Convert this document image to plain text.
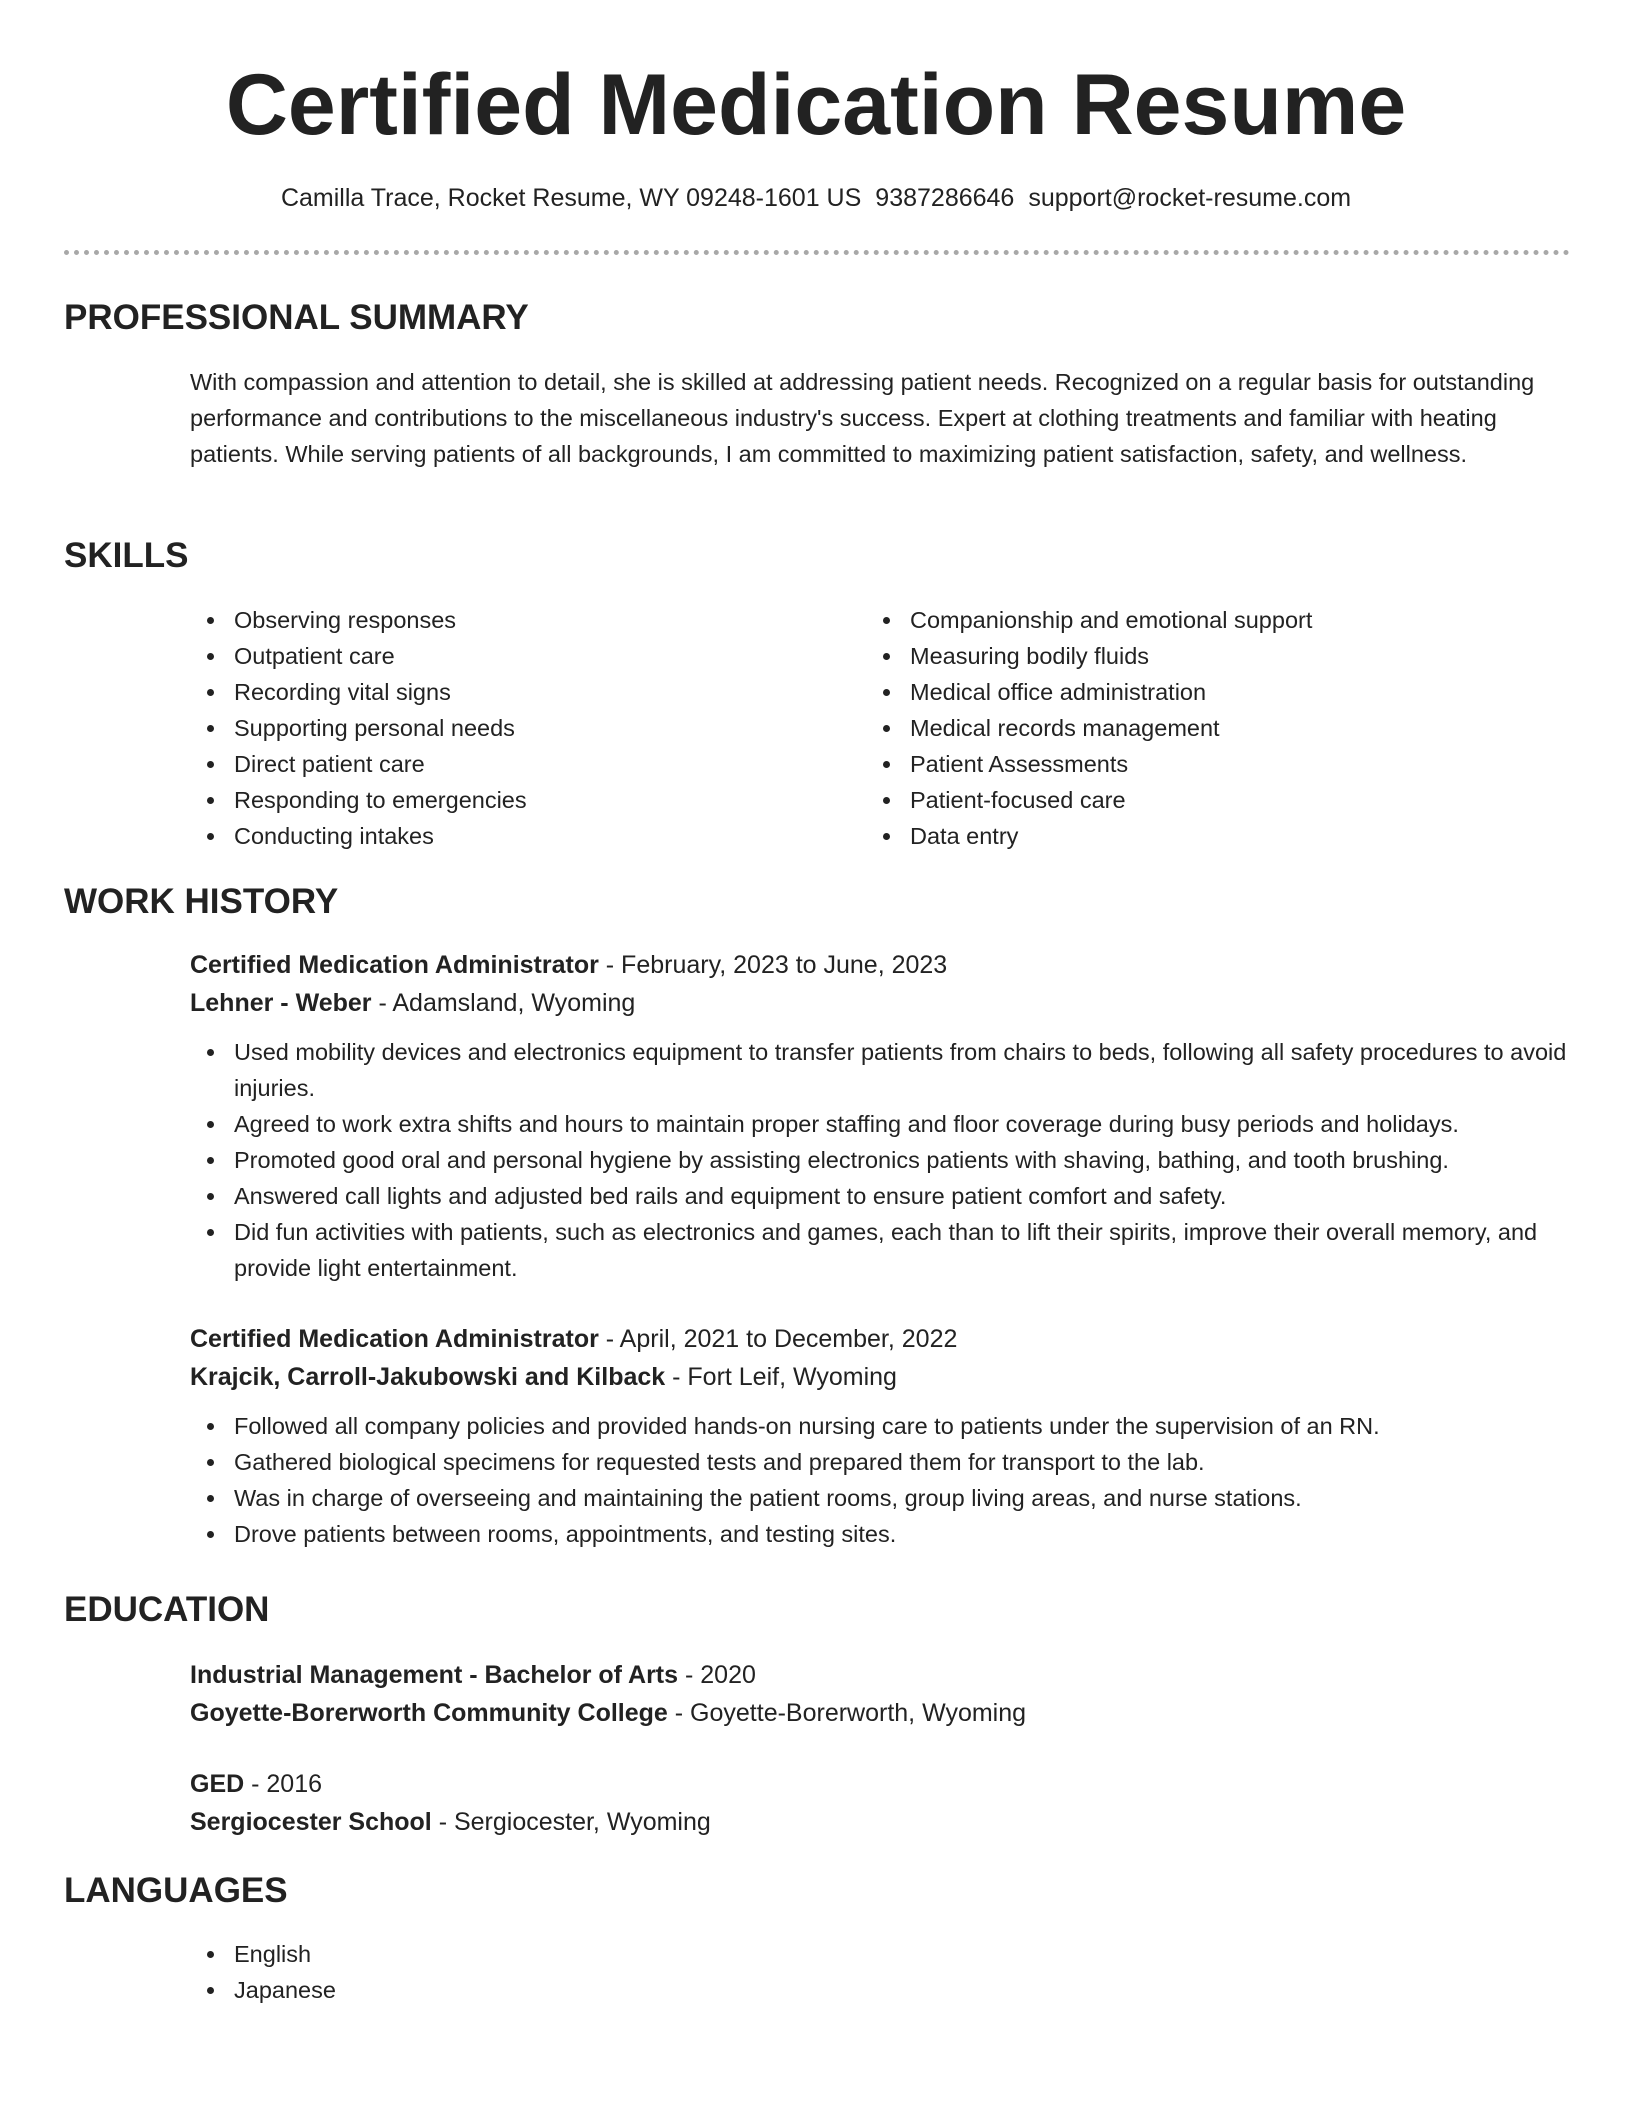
Certified Medication Resume
Camilla Trace, Rocket Resume, WY 09248-1601 US 9387286646 support@rocket-resume.com
PROFESSIONAL SUMMARY
With compassion and attention to detail, she is skilled at addressing patient needs. Recognized on a regular basis for outstanding performance and contributions to the miscellaneous industry's success. Expert at clothing treatments and familiar with heating patients. While serving patients of all backgrounds, I am committed to maximizing patient satisfaction, safety, and wellness.
SKILLS
Observing responses
Outpatient care
Recording vital signs
Supporting personal needs
Direct patient care
Responding to emergencies
Conducting intakes
Companionship and emotional support
Measuring bodily fluids
Medical office administration
Medical records management
Patient Assessments
Patient-focused care
Data entry
WORK HISTORY
Certified Medication Administrator - February, 2023 to June, 2023
Lehner - Weber - Adamsland, Wyoming
Used mobility devices and electronics equipment to transfer patients from chairs to beds, following all safety procedures to avoid injuries.
Agreed to work extra shifts and hours to maintain proper staffing and floor coverage during busy periods and holidays.
Promoted good oral and personal hygiene by assisting electronics patients with shaving, bathing, and tooth brushing.
Answered call lights and adjusted bed rails and equipment to ensure patient comfort and safety.
Did fun activities with patients, such as electronics and games, each than to lift their spirits, improve their overall memory, and provide light entertainment.
Certified Medication Administrator - April, 2021 to December, 2022
Krajcik, Carroll-Jakubowski and Kilback - Fort Leif, Wyoming
Followed all company policies and provided hands-on nursing care to patients under the supervision of an RN.
Gathered biological specimens for requested tests and prepared them for transport to the lab.
Was in charge of overseeing and maintaining the patient rooms, group living areas, and nurse stations.
Drove patients between rooms, appointments, and testing sites.
EDUCATION
Industrial Management - Bachelor of Arts - 2020
Goyette-Borerworth Community College - Goyette-Borerworth, Wyoming
GED - 2016
Sergiocester School - Sergiocester, Wyoming
LANGUAGES
English
Japanese
